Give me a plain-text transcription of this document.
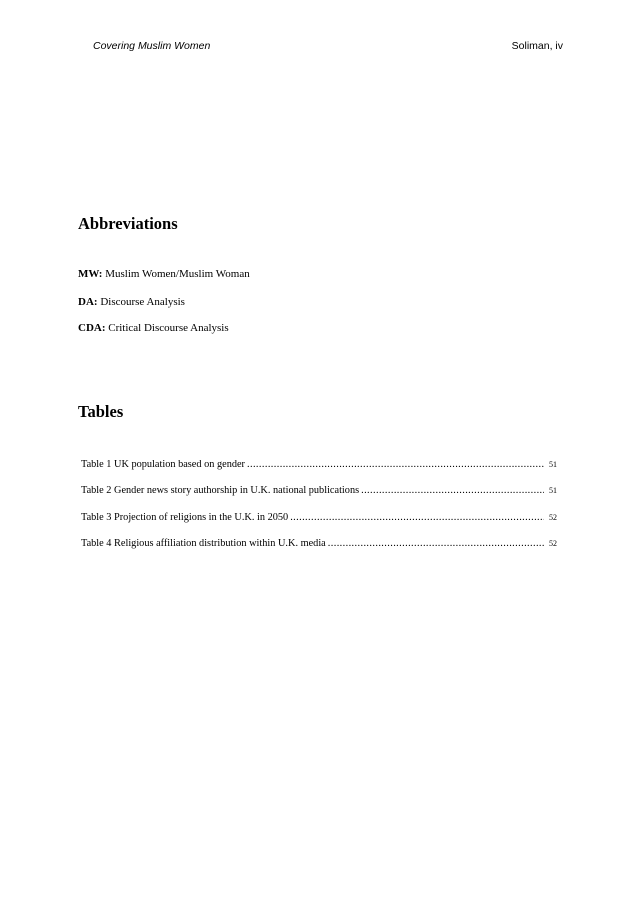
Covering Muslim Women	Soliman, iv
Abbreviations
MW: Muslim Women/Muslim Woman
DA: Discourse Analysis
CDA: Critical Discourse Analysis
Tables
Table 1 UK population based on gender .....	51
Table 2 Gender news story authorship in U.K. national publications .....	51
Table 3 Projection of religions in the U.K. in 2050 .....	52
Table 4 Religious affiliation distribution within U.K. media .....	52
